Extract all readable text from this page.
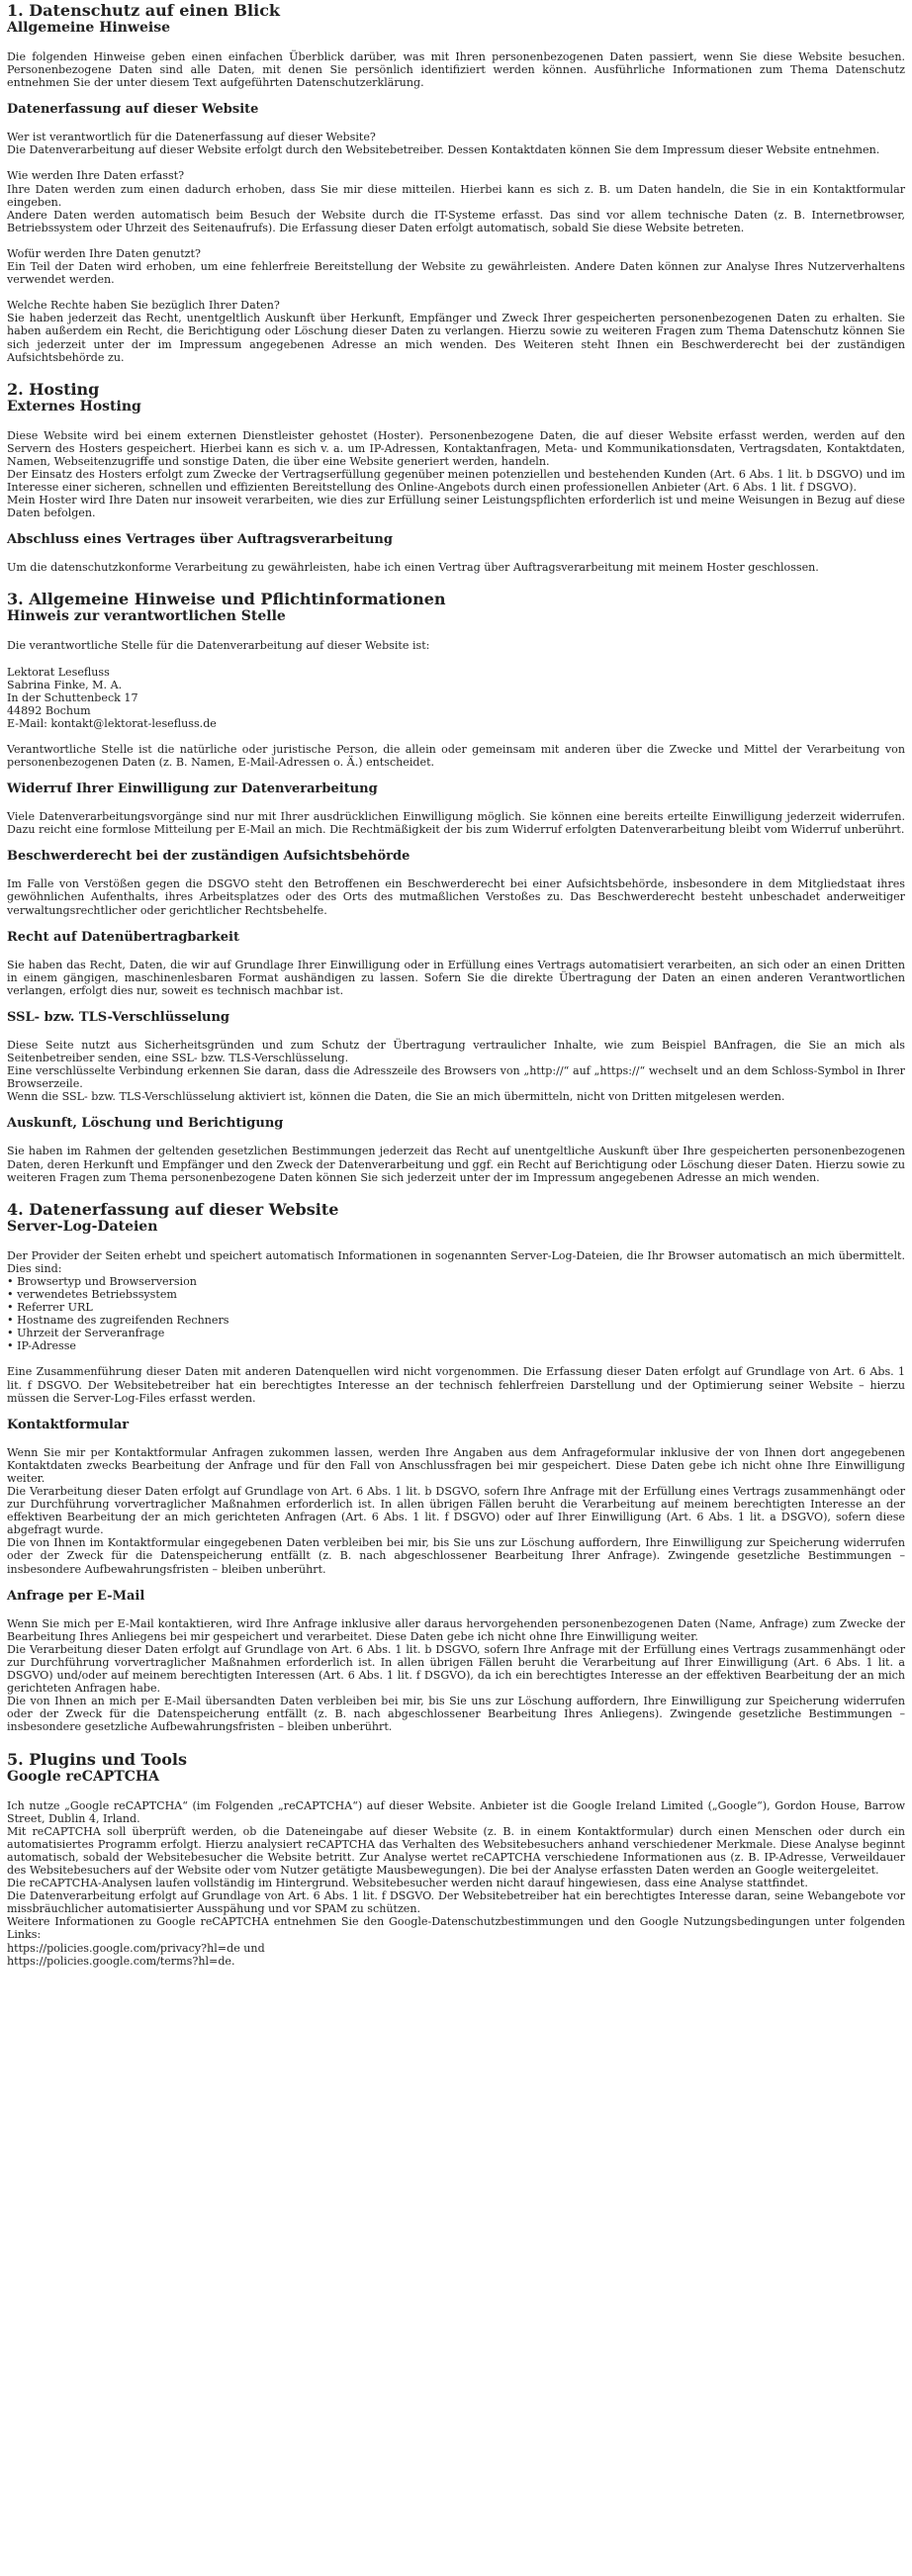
1. Datenschutz auf einen Blick
Allgemeine Hinweise

Die folgenden Hinweise geben einen einfachen Überblick darüber, was mit Ihren personenbezogenen Daten passiert, wenn Sie diese Website besuchen. Personenbezogene Daten sind alle Daten, mit denen Sie persönlich identifiziert werden können. Ausführliche Informationen zum Thema Datenschutz entnehmen Sie der unter diesem Text aufgeführten Datenschutzerklärung.

Datenerfassung auf dieser Website

Wer ist verantwortlich für die Datenerfassung auf dieser Website?
Die Datenverarbeitung auf dieser Website erfolgt durch den Websitebetreiber. Dessen Kontaktdaten können Sie dem Impressum dieser Website entnehmen.

Wie werden Ihre Daten erfasst?
Ihre Daten werden zum einen dadurch erhoben, dass Sie mir diese mitteilen. Hierbei kann es sich z. B. um Daten handeln, die Sie in ein Kontaktformular eingeben.
Andere Daten werden automatisch beim Besuch der Website durch die IT-Systeme erfasst. Das sind vor allem technische Daten (z. B. Internetbrowser, Betriebssystem oder Uhrzeit des Seitenaufrufs). Die Erfassung dieser Daten erfolgt automatisch, sobald Sie diese Website betreten.

Wofür werden Ihre Daten genutzt?
Ein Teil der Daten wird erhoben, um eine fehlerfreie Bereitstellung der Website zu gewährleisten. Andere Daten können zur Analyse Ihres Nutzerverhaltens verwendet werden.

Welche Rechte haben Sie bezüglich Ihrer Daten?
Sie haben jederzeit das Recht, unentgeltlich Auskunft über Herkunft, Empfänger und Zweck Ihrer gespeicherten personenbezogenen Daten zu erhalten. Sie haben außerdem ein Recht, die Berichtigung oder Löschung dieser Daten zu verlangen. Hierzu sowie zu weiteren Fragen zum Thema Datenschutz können Sie sich jederzeit unter der im Impressum angegebenen Adresse an mich wenden. Des Weiteren steht Ihnen ein Beschwerderecht bei der zuständigen Aufsichtsbehörde zu.

2. Hosting
Externes Hosting

Diese Website wird bei einem externen Dienstleister gehostet (Hoster). Personenbezogene Daten, die auf dieser Website erfasst werden, werden auf den Servern des Hosters gespeichert. Hierbei kann es sich v. a. um IP-Adressen, Kontaktanfragen, Meta- und Kommunikationsdaten, Vertragsdaten, Kontaktdaten, Namen, Webseitenzugriffe und sonstige Daten, die über eine Website generiert werden, handeln.
Der Einsatz des Hosters erfolgt zum Zwecke der Vertragserfüllung gegenüber meinen potenziellen und bestehenden Kunden (Art. 6 Abs. 1 lit. b DSGVO) und im Interesse einer sicheren, schnellen und effizienten Bereitstellung des Online-Angebots durch einen professionellen Anbieter (Art. 6 Abs. 1 lit. f DSGVO).
Mein Hoster wird Ihre Daten nur insoweit verarbeiten, wie dies zur Erfüllung seiner Leistungspflichten erforderlich ist und meine Weisungen in Bezug auf diese Daten befolgen.

Abschluss eines Vertrages über Auftragsverarbeitung

Um die datenschutzkonforme Verarbeitung zu gewährleisten, habe ich einen Vertrag über Auftragsverarbeitung mit meinem Hoster geschlossen.

3. Allgemeine Hinweise und Pflichtinformationen
Hinweis zur verantwortlichen Stelle

Die verantwortliche Stelle für die Datenverarbeitung auf dieser Website ist:

Lektorat Lesefluss
Sabrina Finke, M. A.
In der Schuttenbeck 17
44892 Bochum
E-Mail: kontakt@lektorat-lesefluss.de

Verantwortliche Stelle ist die natürliche oder juristische Person, die allein oder gemeinsam mit anderen über die Zwecke und Mittel der Verarbeitung von personenbezogenen Daten (z. B. Namen, E-Mail-Adressen o. Ä.) entscheidet.

Widerruf Ihrer Einwilligung zur Datenverarbeitung

Viele Datenverarbeitungsvorgänge sind nur mit Ihrer ausdrücklichen Einwilligung möglich. Sie können eine bereits erteilte Einwilligung jederzeit widerrufen. Dazu reicht eine formlose Mitteilung per E-Mail an mich. Die Rechtmäßigkeit der bis zum Widerruf erfolgten Datenverarbeitung bleibt vom Widerruf unberührt.

Beschwerderecht bei der zuständigen Aufsichtsbehörde

Im Falle von Verstößen gegen die DSGVO steht den Betroffenen ein Beschwerderecht bei einer Aufsichtsbehörde, insbesondere in dem Mitgliedstaat ihres gewöhnlichen Aufenthalts, ihres Arbeitsplatzes oder des Orts des mutmaßlichen Verstoßes zu. Das Beschwerderecht besteht unbeschadet anderweitiger verwaltungsrechtlicher oder gerichtlicher Rechtsbehelfe.

Recht auf Datenübertragbarkeit

Sie haben das Recht, Daten, die wir auf Grundlage Ihrer Einwilligung oder in Erfüllung eines Vertrags automatisiert verarbeiten, an sich oder an einen Dritten in einem gängigen, maschinenlesbaren Format aushändigen zu lassen. Sofern Sie die direkte Übertragung der Daten an einen anderen Verantwortlichen verlangen, erfolgt dies nur, soweit es technisch machbar ist.

SSL- bzw. TLS-Verschlüsselung

Diese Seite nutzt aus Sicherheitsgründen und zum Schutz der Übertragung vertraulicher Inhalte, wie zum Beispiel BAnfragen, die Sie an mich als Seitenbetreiber senden, eine SSL- bzw. TLS-Verschlüsselung.
Eine verschlüsselte Verbindung erkennen Sie daran, dass die Adresszeile des Browsers von „http://“ auf „https://“ wechselt und an dem Schloss-Symbol in Ihrer Browserzeile.
Wenn die SSL- bzw. TLS-Verschlüsselung aktiviert ist, können die Daten, die Sie an mich übermitteln, nicht von Dritten mitgelesen werden.

Auskunft, Löschung und Berichtigung

Sie haben im Rahmen der geltenden gesetzlichen Bestimmungen jederzeit das Recht auf unentgeltliche Auskunft über Ihre gespeicherten personenbezogenen Daten, deren Herkunft und Empfänger und den Zweck der Datenverarbeitung und ggf. ein Recht auf Berichtigung oder Löschung dieser Daten. Hierzu sowie zu weiteren Fragen zum Thema personenbezogene Daten können Sie sich jederzeit unter der im Impressum angegebenen Adresse an mich wenden.

4. Datenerfassung auf dieser Website
Server-Log-Dateien

Der Provider der Seiten erhebt und speichert automatisch Informationen in sogenannten Server-Log-Dateien, die Ihr Browser automatisch an mich übermittelt. Dies sind:
• Browsertyp und Browserversion
• verwendetes Betriebssystem
• Referrer URL
• Hostname des zugreifenden Rechners
• Uhrzeit der Serveranfrage
• IP-Adresse

Eine Zusammenführung dieser Daten mit anderen Datenquellen wird nicht vorgenommen. Die Erfassung dieser Daten erfolgt auf Grundlage von Art. 6 Abs. 1 lit. f DSGVO. Der Websitebetreiber hat ein berechtigtes Interesse an der technisch fehlerfreien Darstellung und der Optimierung seiner Website – hierzu müssen die Server-Log-Files erfasst werden.

Kontaktformular

Wenn Sie mir per Kontaktformular Anfragen zukommen lassen, werden Ihre Angaben aus dem Anfrageformular inklusive der von Ihnen dort angegebenen Kontaktdaten zwecks Bearbeitung der Anfrage und für den Fall von Anschlussfragen bei mir gespeichert. Diese Daten gebe ich nicht ohne Ihre Einwilligung weiter.
Die Verarbeitung dieser Daten erfolgt auf Grundlage von Art. 6 Abs. 1 lit. b DSGVO, sofern Ihre Anfrage mit der Erfüllung eines Vertrags zusammenhängt oder zur Durchführung vorvertraglicher Maßnahmen erforderlich ist. In allen übrigen Fällen beruht die Verarbeitung auf meinem berechtigten Interesse an der effektiven Bearbeitung der an mich gerichteten Anfragen (Art. 6 Abs. 1 lit. f DSGVO) oder auf Ihrer Einwilligung (Art. 6 Abs. 1 lit. a DSGVO), sofern diese abgefragt wurde.
Die von Ihnen im Kontaktformular eingegebenen Daten verbleiben bei mir, bis Sie uns zur Löschung auffordern, Ihre Einwilligung zur Speicherung widerrufen oder der Zweck für die Datenspeicherung entfällt (z. B. nach abgeschlossener Bearbeitung Ihrer Anfrage). Zwingende gesetzliche Bestimmungen – insbesondere Aufbewahrungsfristen – bleiben unberührt.

Anfrage per E-Mail

Wenn Sie mich per E-Mail kontaktieren, wird Ihre Anfrage inklusive aller daraus hervorgehenden personenbezogenen Daten (Name, Anfrage) zum Zwecke der Bearbeitung Ihres Anliegens bei mir gespeichert und verarbeitet. Diese Daten gebe ich nicht ohne Ihre Einwilligung weiter.
Die Verarbeitung dieser Daten erfolgt auf Grundlage von Art. 6 Abs. 1 lit. b DSGVO, sofern Ihre Anfrage mit der Erfüllung eines Vertrags zusammenhängt oder zur Durchführung vorvertraglicher Maßnahmen erforderlich ist. In allen übrigen Fällen beruht die Verarbeitung auf Ihrer Einwilligung (Art. 6 Abs. 1 lit. a DSGVO) und/oder auf meinem berechtigten Interessen (Art. 6 Abs. 1 lit. f DSGVO), da ich ein berechtigtes Interesse an der effektiven Bearbeitung der an mich gerichteten Anfragen habe.
Die von Ihnen an mich per E-Mail übersandten Daten verbleiben bei mir, bis Sie uns zur Löschung auffordern, Ihre Einwilligung zur Speicherung widerrufen oder der Zweck für die Datenspeicherung entfällt (z. B. nach abgeschlossener Bearbeitung Ihres Anliegens). Zwingende gesetzliche Bestimmungen – insbesondere gesetzliche Aufbewahrungsfristen – bleiben unberührt.

5. Plugins und Tools
Google reCAPTCHA

Ich nutze „Google reCAPTCHA“ (im Folgenden „reCAPTCHA“) auf dieser Website. Anbieter ist die Google Ireland Limited („Google“), Gordon House, Barrow Street, Dublin 4, Irland.
Mit reCAPTCHA soll überprüft werden, ob die Dateneingabe auf dieser Website (z. B. in einem Kontaktformular) durch einen Menschen oder durch ein automatisiertes Programm erfolgt. Hierzu analysiert reCAPTCHA das Verhalten des Websitebesuchers anhand verschiedener Merkmale. Diese Analyse beginnt automatisch, sobald der Websitebesucher die Website betritt. Zur Analyse wertet reCAPTCHA verschiedene Informationen aus (z. B. IP-Adresse, Verweildauer des Websitebesuchers auf der Website oder vom Nutzer getätigte Mausbewegungen). Die bei der Analyse erfassten Daten werden an Google weitergeleitet.
Die reCAPTCHA-Analysen laufen vollständig im Hintergrund. Websitebesucher werden nicht darauf hingewiesen, dass eine Analyse stattfindet.
Die Datenverarbeitung erfolgt auf Grundlage von Art. 6 Abs. 1 lit. f DSGVO. Der Websitebetreiber hat ein berechtigtes Interesse daran, seine Webangebote vor missbräuchlicher automatisierter Ausspähung und vor SPAM zu schützen.
Weitere Informationen zu Google reCAPTCHA entnehmen Sie den Google-Datenschutzbestimmungen und den Google Nutzungsbedingungen unter folgenden Links:
https://policies.google.com/privacy?hl=de und
https://policies.google.com/terms?hl=de.
